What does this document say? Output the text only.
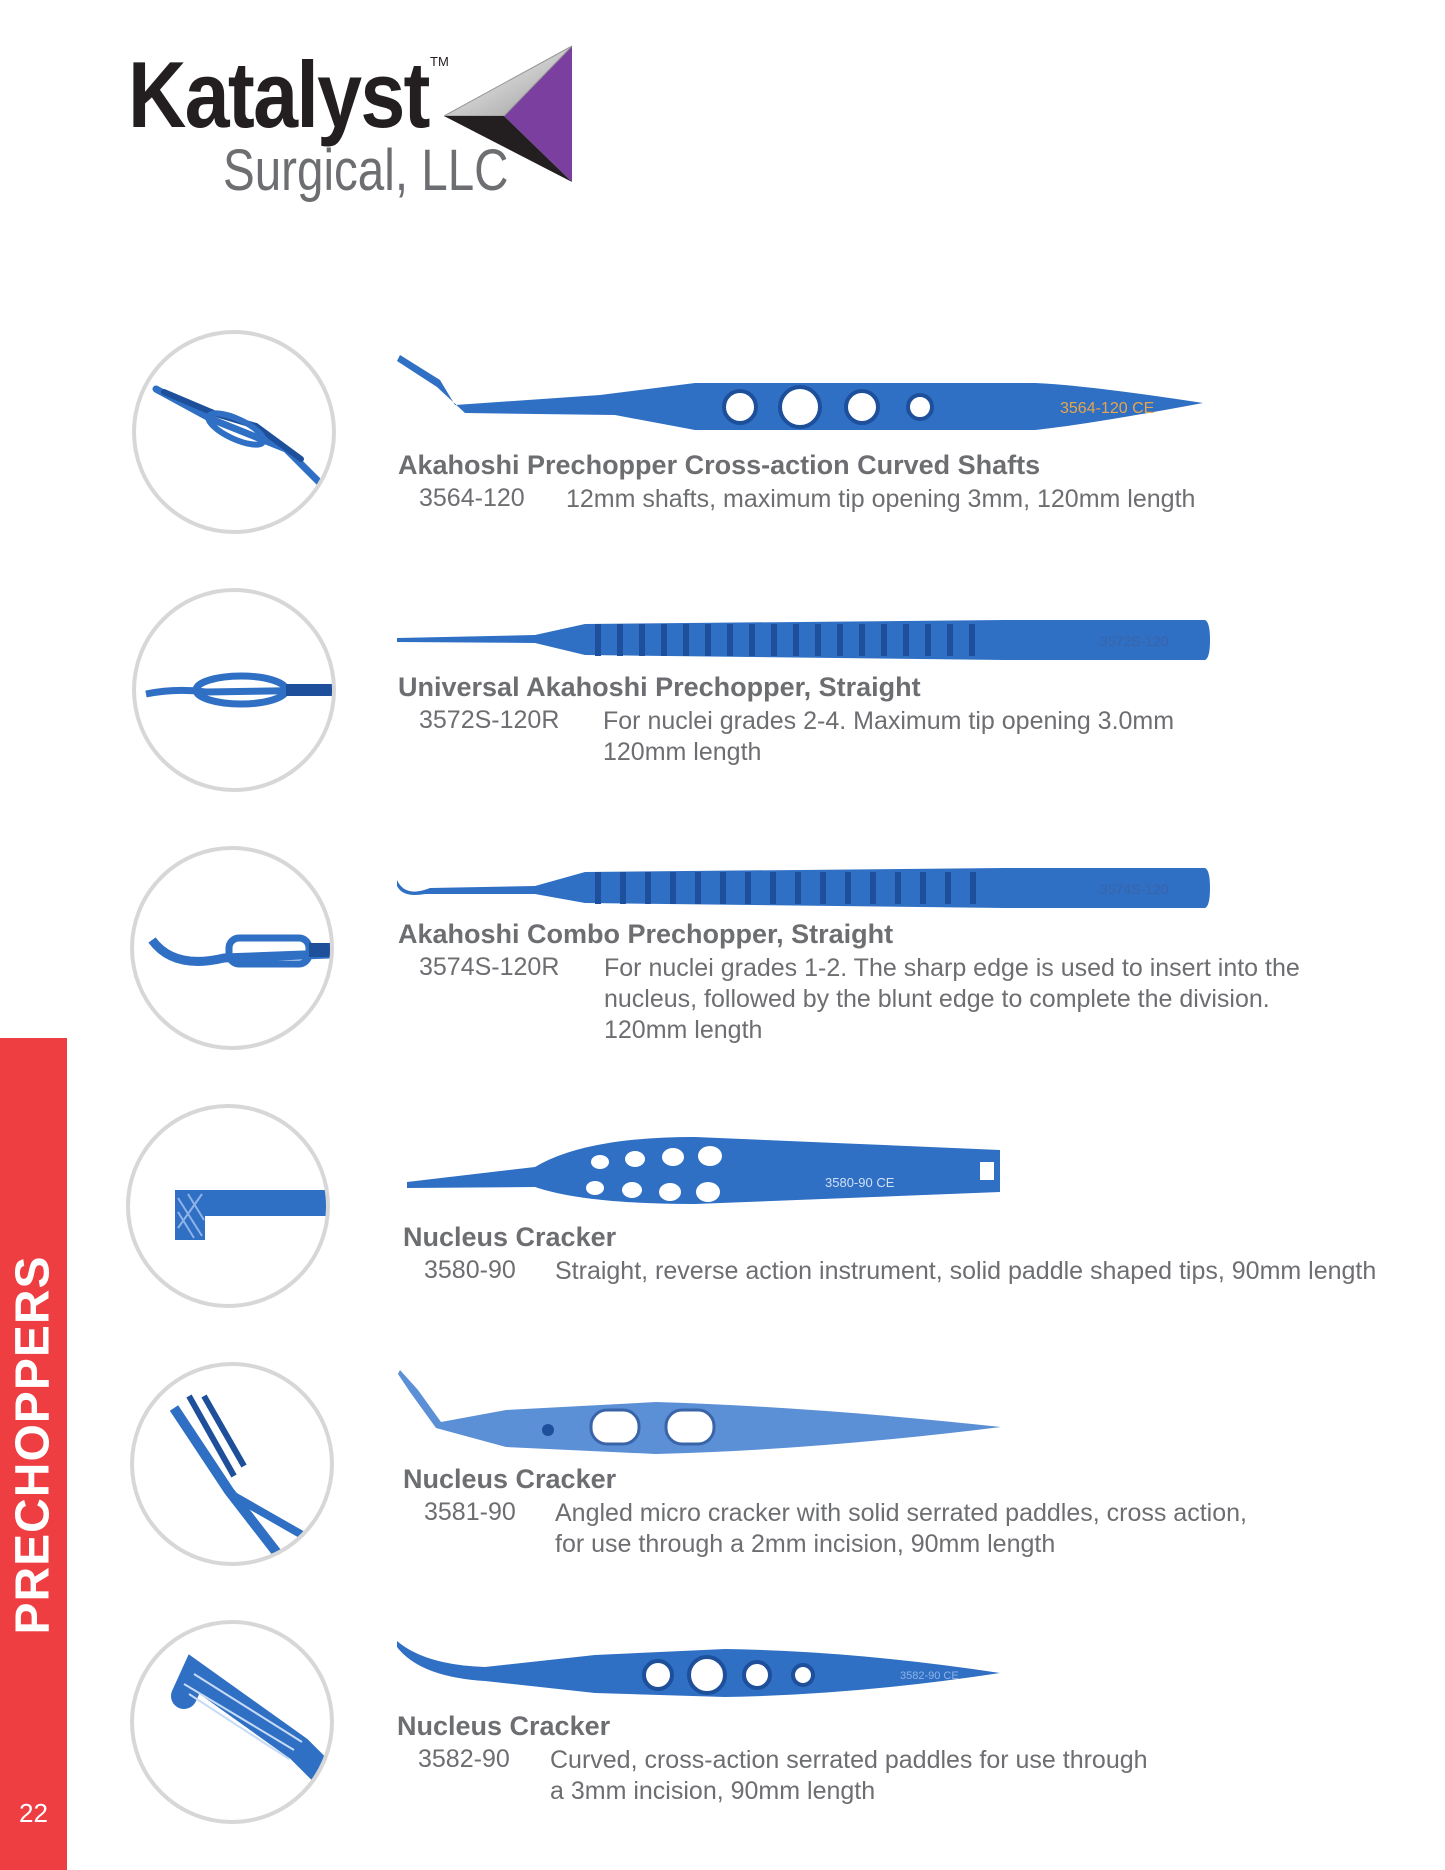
Katalyst TM
Surgical, LLC
PRECHOPPERS
22
3564-120 CE
Akahoshi Prechopper Cross-action Curved Shafts
3564-120 12mm shafts, maximum tip opening 3mm, 120mm length
3572S-120
Universal Akahoshi Prechopper, Straight
3572S-120R For nuclei grades 2-4. Maximum tip opening 3.0mm
120mm length
3574S-120
Akahoshi Combo Prechopper, Straight
3574S-120R For nuclei grades 1-2. The sharp edge is used to insert into the
nucleus, followed by the blunt edge to complete the division.
120mm length
3580-90 CE
Nucleus Cracker
3580-90 Straight, reverse action instrument, solid paddle shaped tips, 90mm length
Nucleus Cracker
3581-90 Angled micro cracker with solid serrated paddles, cross action,
for use through a 2mm incision, 90mm length
3582-90 CE
Nucleus Cracker
3582-90 Curved, cross-action serrated paddles for use through
a 3mm incision, 90mm length
